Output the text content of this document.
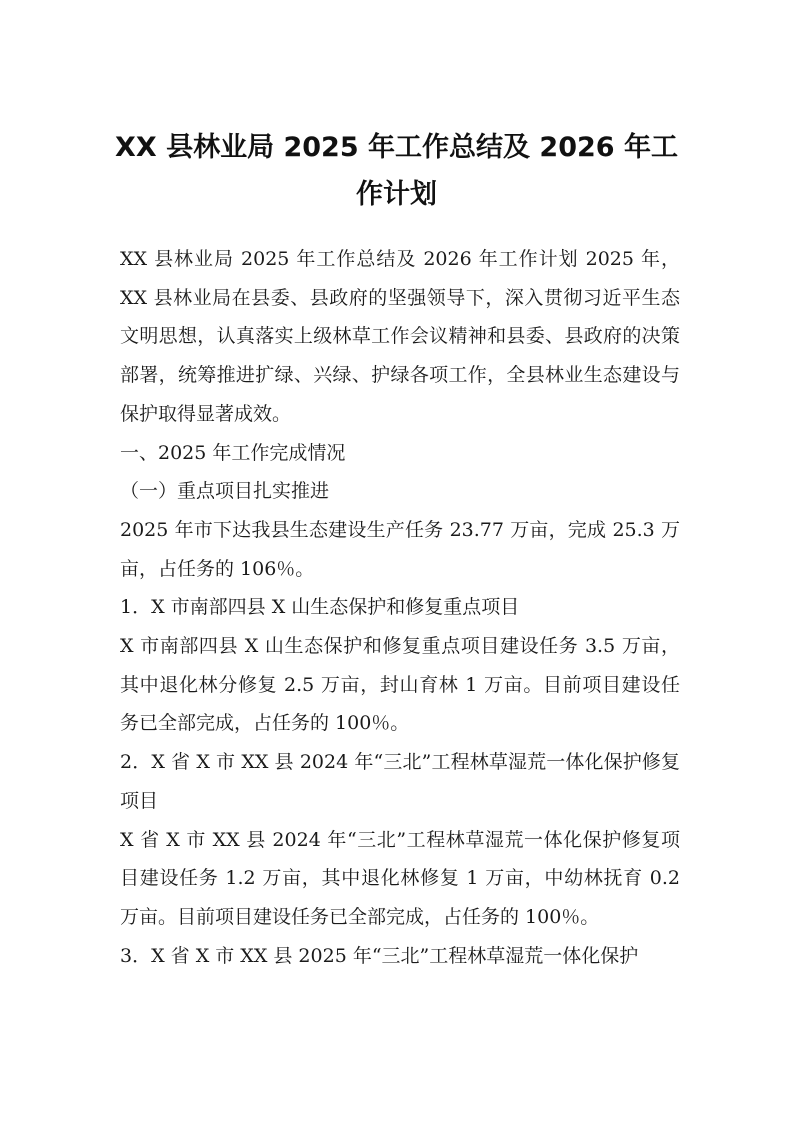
XX 县林业局 2025 年工作总结及 2026 年工
作计划

XX 县林业局 2025 年工作总结及 2026 年工作计划 2025 年，XX 县林业局在县委、县政府的坚强领导下，深入贯彻习近平生态文明思想，认真落实上级林草工作会议精神和县委、县政府的决策部署，统筹推进扩绿、兴绿、护绿各项工作，全县林业生态建设与保护取得显著成效。

一、2025 年工作完成情况

（一）重点项目扎实推进

2025 年市下达我县生态建设生产任务 23.77 万亩，完成 25.3 万亩，占任务的 106％。

1．X 市南部四县 X 山生态保护和修复重点项目

X 市南部四县 X 山生态保护和修复重点项目建设任务 3.5 万亩，其中退化林分修复 2.5 万亩，封山育林 1 万亩。目前项目建设任务已全部完成，占任务的 100％。

2．X 省 X 市 XX 县 2024 年“三北”工程林草湿荒一体化保护修复项目

X 省 X 市 XX 县 2024 年“三北”工程林草湿荒一体化保护修复项目建设任务 1.2 万亩，其中退化林修复 1 万亩，中幼林抚育 0.2 万亩。目前项目建设任务已全部完成，占任务的 100％。

3．X 省 X 市 XX 县 2025 年“三北”工程林草湿荒一体化保护
